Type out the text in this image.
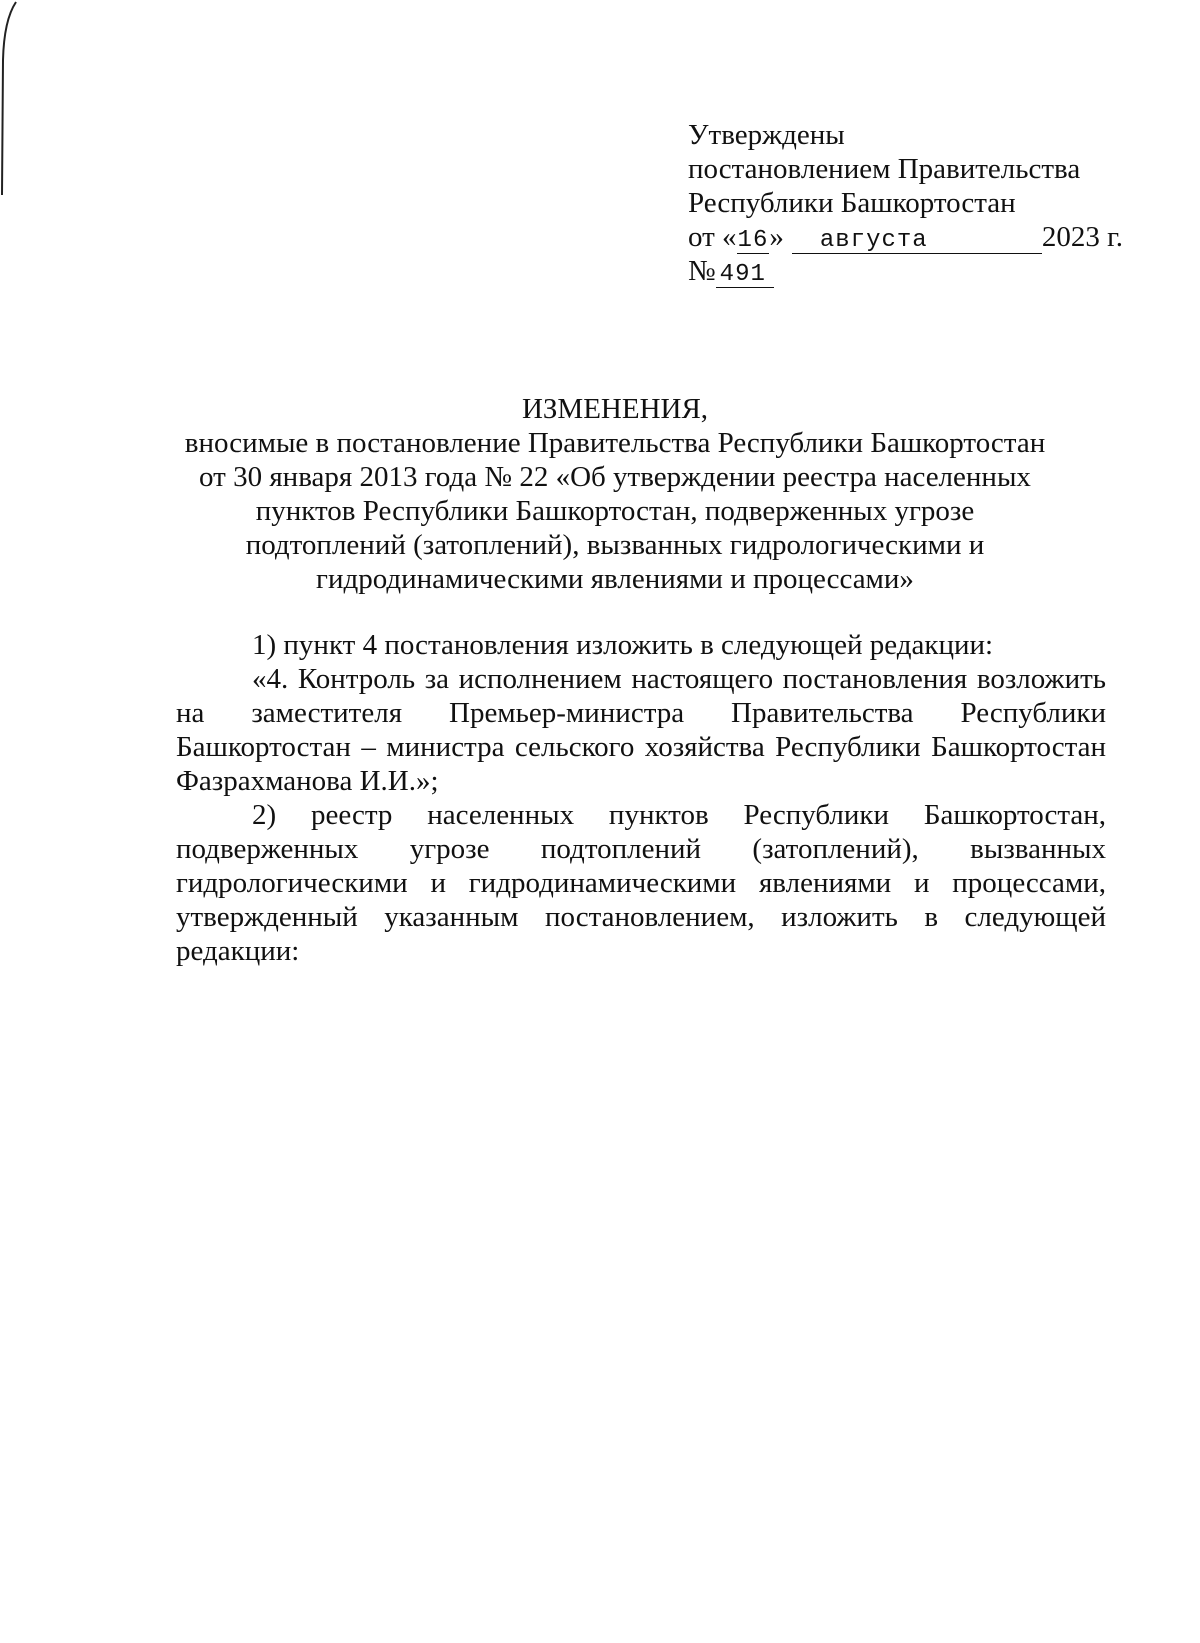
Утверждены
постановлением Правительства
Республики Башкортостан
от «16» августа	2023 г.
№ 491
ИЗМЕНЕНИЯ,
вносимые в постановление Правительства Республики Башкортостан
от 30 января 2013 года № 22 «Об утверждении реестра населенных
пунктов Республики Башкортостан, подверженных угрозе
подтоплений (затоплений), вызванных гидрологическими и
гидродинамическими явлениями и процессами»

1) пункт 4 постановления изложить в следующей редакции:

«4. Контроль за исполнением настоящего постановления возложить на заместителя Премьер-министра Правительства Республики Башкортостан – министра сельского хозяйства Республики Башкортостан Фазрахманова И.И.»;

2) реестр населенных пунктов Республики Башкортостан, подверженных угрозе подтоплений (затоплений), вызванных гидрологическими и гидродинамическими явлениями и процессами, утвержденный указанным постановлением, изложить в следующей редакции:
